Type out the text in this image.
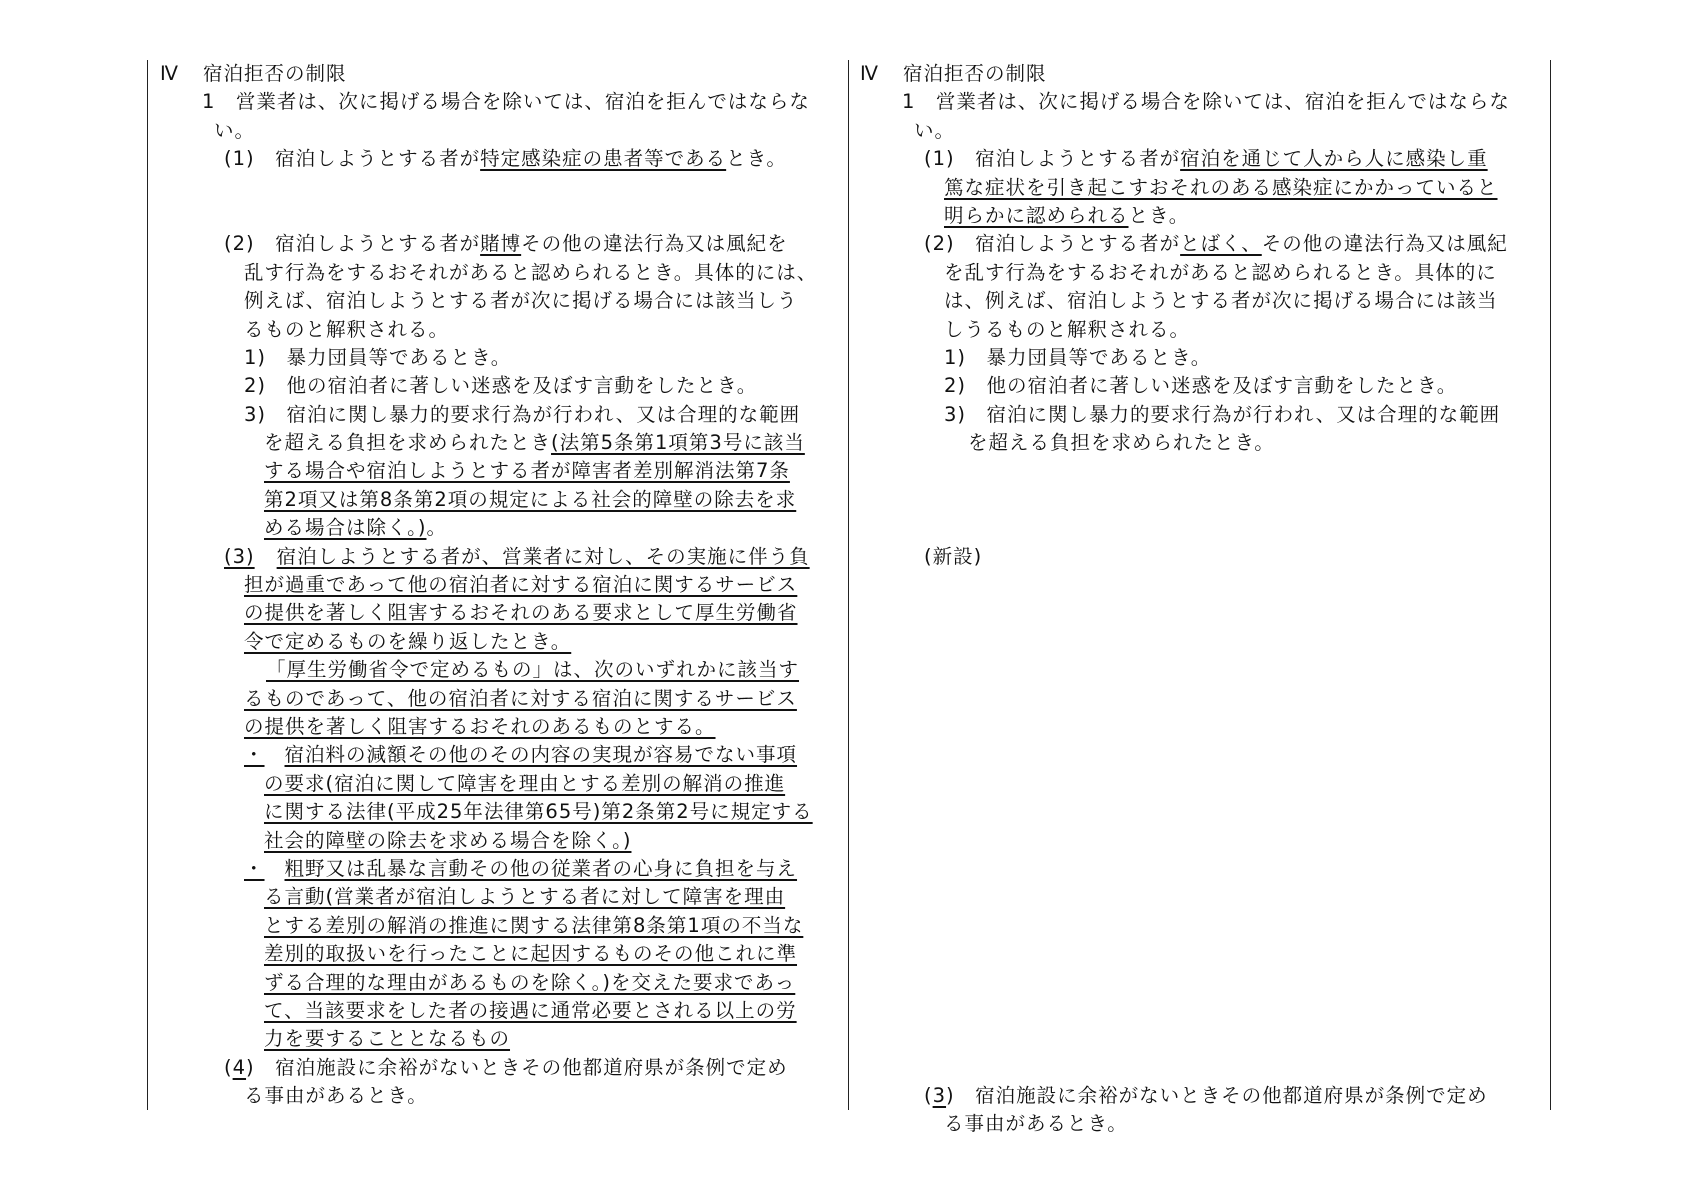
Ⅳ 宿泊拒否の制限
1　営業者は、次に掲げる場合を除いては、宿泊を拒んではならな
い。
(1)　宿泊しようとする者が特定感染症の患者等であるとき。
(2)　宿泊しようとする者が賭博その他の違法行為又は風紀を
乱す行為をするおそれがあると認められるとき。具体的には、
例えば、宿泊しようとする者が次に掲げる場合には該当しう
るものと解釈される。
1)　暴力団員等であるとき。
2)　他の宿泊者に著しい迷惑を及ぼす言動をしたとき。
3)　宿泊に関し暴力的要求行為が行われ、又は合理的な範囲
を超える負担を求められたとき(法第5条第1項第3号に該当
する場合や宿泊しようとする者が障害者差別解消法第7条
第2項又は第8条第2項の規定による社会的障壁の除去を求
める場合は除く。)。
(3) 宿泊しようとする者が、営業者に対し、その実施に伴う負
担が過重であって他の宿泊者に対する宿泊に関するサービス
の提供を著しく阻害するおそれのある要求として厚生労働省
令で定めるものを繰り返したとき。
「厚生労働省令で定めるもの」は、次のいずれかに該当す
るものであって、他の宿泊者に対する宿泊に関するサービス
の提供を著しく阻害するおそれのあるものとする。
・ 宿泊料の減額その他のその内容の実現が容易でない事項
の要求(宿泊に関して障害を理由とする差別の解消の推進
に関する法律(平成25年法律第65号)第2条第2号に規定する
社会的障壁の除去を求める場合を除く。)
・ 粗野又は乱暴な言動その他の従業者の心身に負担を与え
る言動(営業者が宿泊しようとする者に対して障害を理由
とする差別の解消の推進に関する法律第8条第1項の不当な
差別的取扱いを行ったことに起因するものその他これに準
ずる合理的な理由があるものを除く。)を交えた要求であっ
て、当該要求をした者の接遇に通常必要とされる以上の労
力を要することとなるもの
(4)　宿泊施設に余裕がないときその他都道府県が条例で定め
る事由があるとき。
Ⅳ 宿泊拒否の制限
1　営業者は、次に掲げる場合を除いては、宿泊を拒んではならな
い。
(1)　宿泊しようとする者が宿泊を通じて人から人に感染し重
篤な症状を引き起こすおそれのある感染症にかかっていると
明らかに認められるとき。
(2)　宿泊しようとする者がとばく、その他の違法行為又は風紀
を乱す行為をするおそれがあると認められるとき。具体的に
は、例えば、宿泊しようとする者が次に掲げる場合には該当
しうるものと解釈される。
1)　暴力団員等であるとき。
2)　他の宿泊者に著しい迷惑を及ぼす言動をしたとき。
3)　宿泊に関し暴力的要求行為が行われ、又は合理的な範囲
を超える負担を求められたとき。
(新設)
(3)　宿泊施設に余裕がないときその他都道府県が条例で定め
る事由があるとき。
